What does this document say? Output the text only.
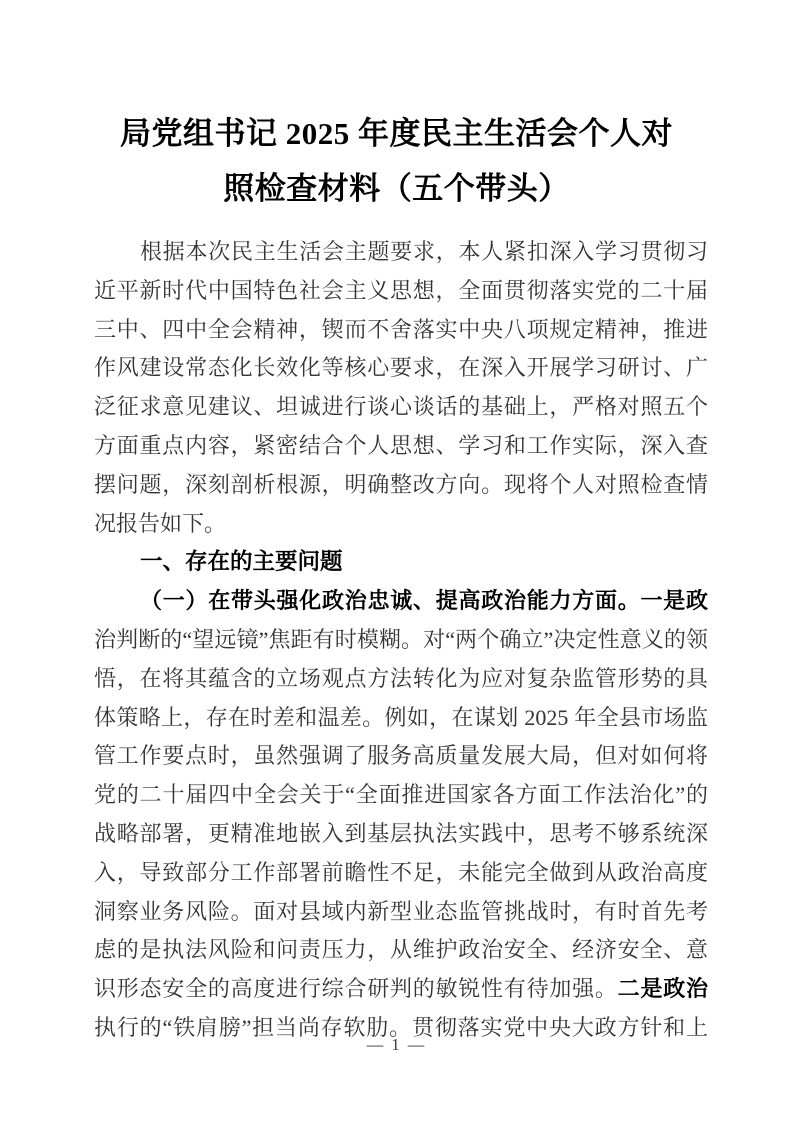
局党组书记 2025 年度民主生活会个人对
照检查材料（五个带头）
根据本次民主生活会主题要求，本人紧扣深入学习贯彻习
近平新时代中国特色社会主义思想，全面贯彻落实党的二十届
三中、四中全会精神，锲而不舍落实中央八项规定精神，推进
作风建设常态化长效化等核心要求，在深入开展学习研讨、广
泛征求意见建议、坦诚进行谈心谈话的基础上，严格对照五个
方面重点内容，紧密结合个人思想、学习和工作实际，深入查
摆问题，深刻剖析根源，明确整改方向。现将个人对照检查情
况报告如下。
一、存在的主要问题
（一）在带头强化政治忠诚、提高政治能力方面。一是政
治判断的“望远镜”焦距有时模糊。对“两个确立”决定性意义的领
悟，在将其蕴含的立场观点方法转化为应对复杂监管形势的具
体策略上，存在时差和温差。例如，在谋划 2025 年全县市场监
管工作要点时，虽然强调了服务高质量发展大局，但对如何将
党的二十届四中全会关于“全面推进国家各方面工作法治化”的
战略部署，更精准地嵌入到基层执法实践中，思考不够系统深
入，导致部分工作部署前瞻性不足，未能完全做到从政治高度
洞察业务风险。面对县域内新型业态监管挑战时，有时首先考
虑的是执法风险和问责压力，从维护政治安全、经济安全、意
识形态安全的高度进行综合研判的敏锐性有待加强。二是政治
执行的“铁肩膀”担当尚存软肋。贯彻落实党中央大政方针和上
— 1 —
